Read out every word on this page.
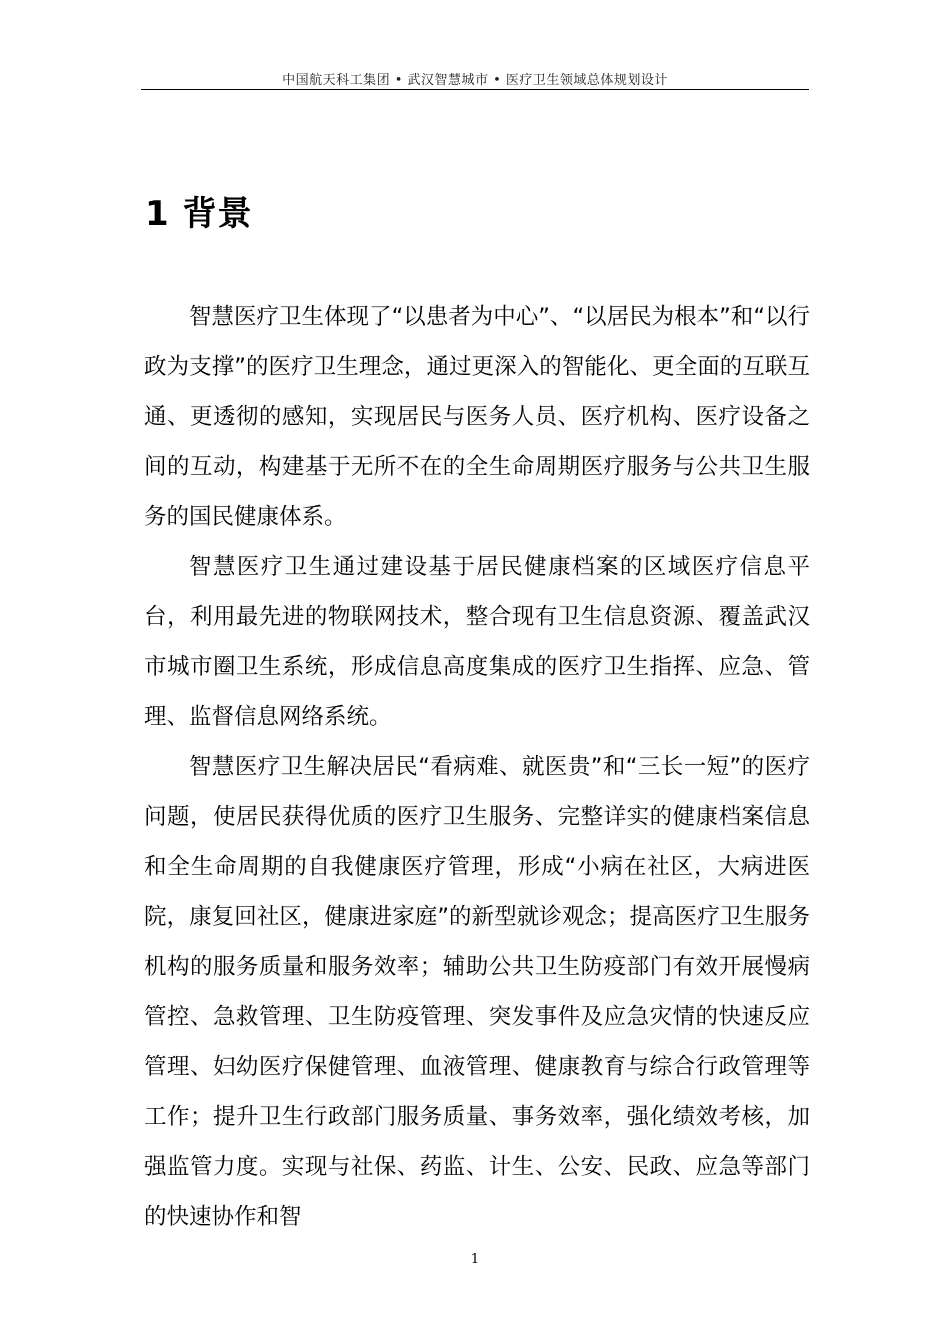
中国航天科工集团 • 武汉智慧城市 • 医疗卫生领域总体规划设计
1 背景

智慧医疗卫生体现了“以患者为中心”、“以居民为根本”和“以行政为支撑”的医疗卫生理念，通过更深入的智能化、更全面的互联互通、更透彻的感知，实现居民与医务人员、医疗机构、医疗设备之间的互动，构建基于无所不在的全生命周期医疗服务与公共卫生服务的国民健康体系。

智慧医疗卫生通过建设基于居民健康档案的区域医疗信息平台，利用最先进的物联网技术，整合现有卫生信息资源、覆盖武汉市城市圈卫生系统，形成信息高度集成的医疗卫生指挥、应急、管理、监督信息网络系统。

智慧医疗卫生解决居民“看病难、就医贵”和“三长一短”的医疗问题，使居民获得优质的医疗卫生服务、完整详实的健康档案信息和全生命周期的自我健康医疗管理，形成“小病在社区，大病进医院，康复回社区，健康进家庭”的新型就诊观念；提高医疗卫生服务机构的服务质量和服务效率；辅助公共卫生防疫部门有效开展慢病管控、急救管理、卫生防疫管理、突发事件及应急灾情的快速反应管理、妇幼医疗保健管理、血液管理、健康教育与综合行政管理等工作；提升卫生行政部门服务质量、事务效率，强化绩效考核，加强监管力度。实现与社保、药监、计生、公安、民政、应急等部门的快速协作和智

1
